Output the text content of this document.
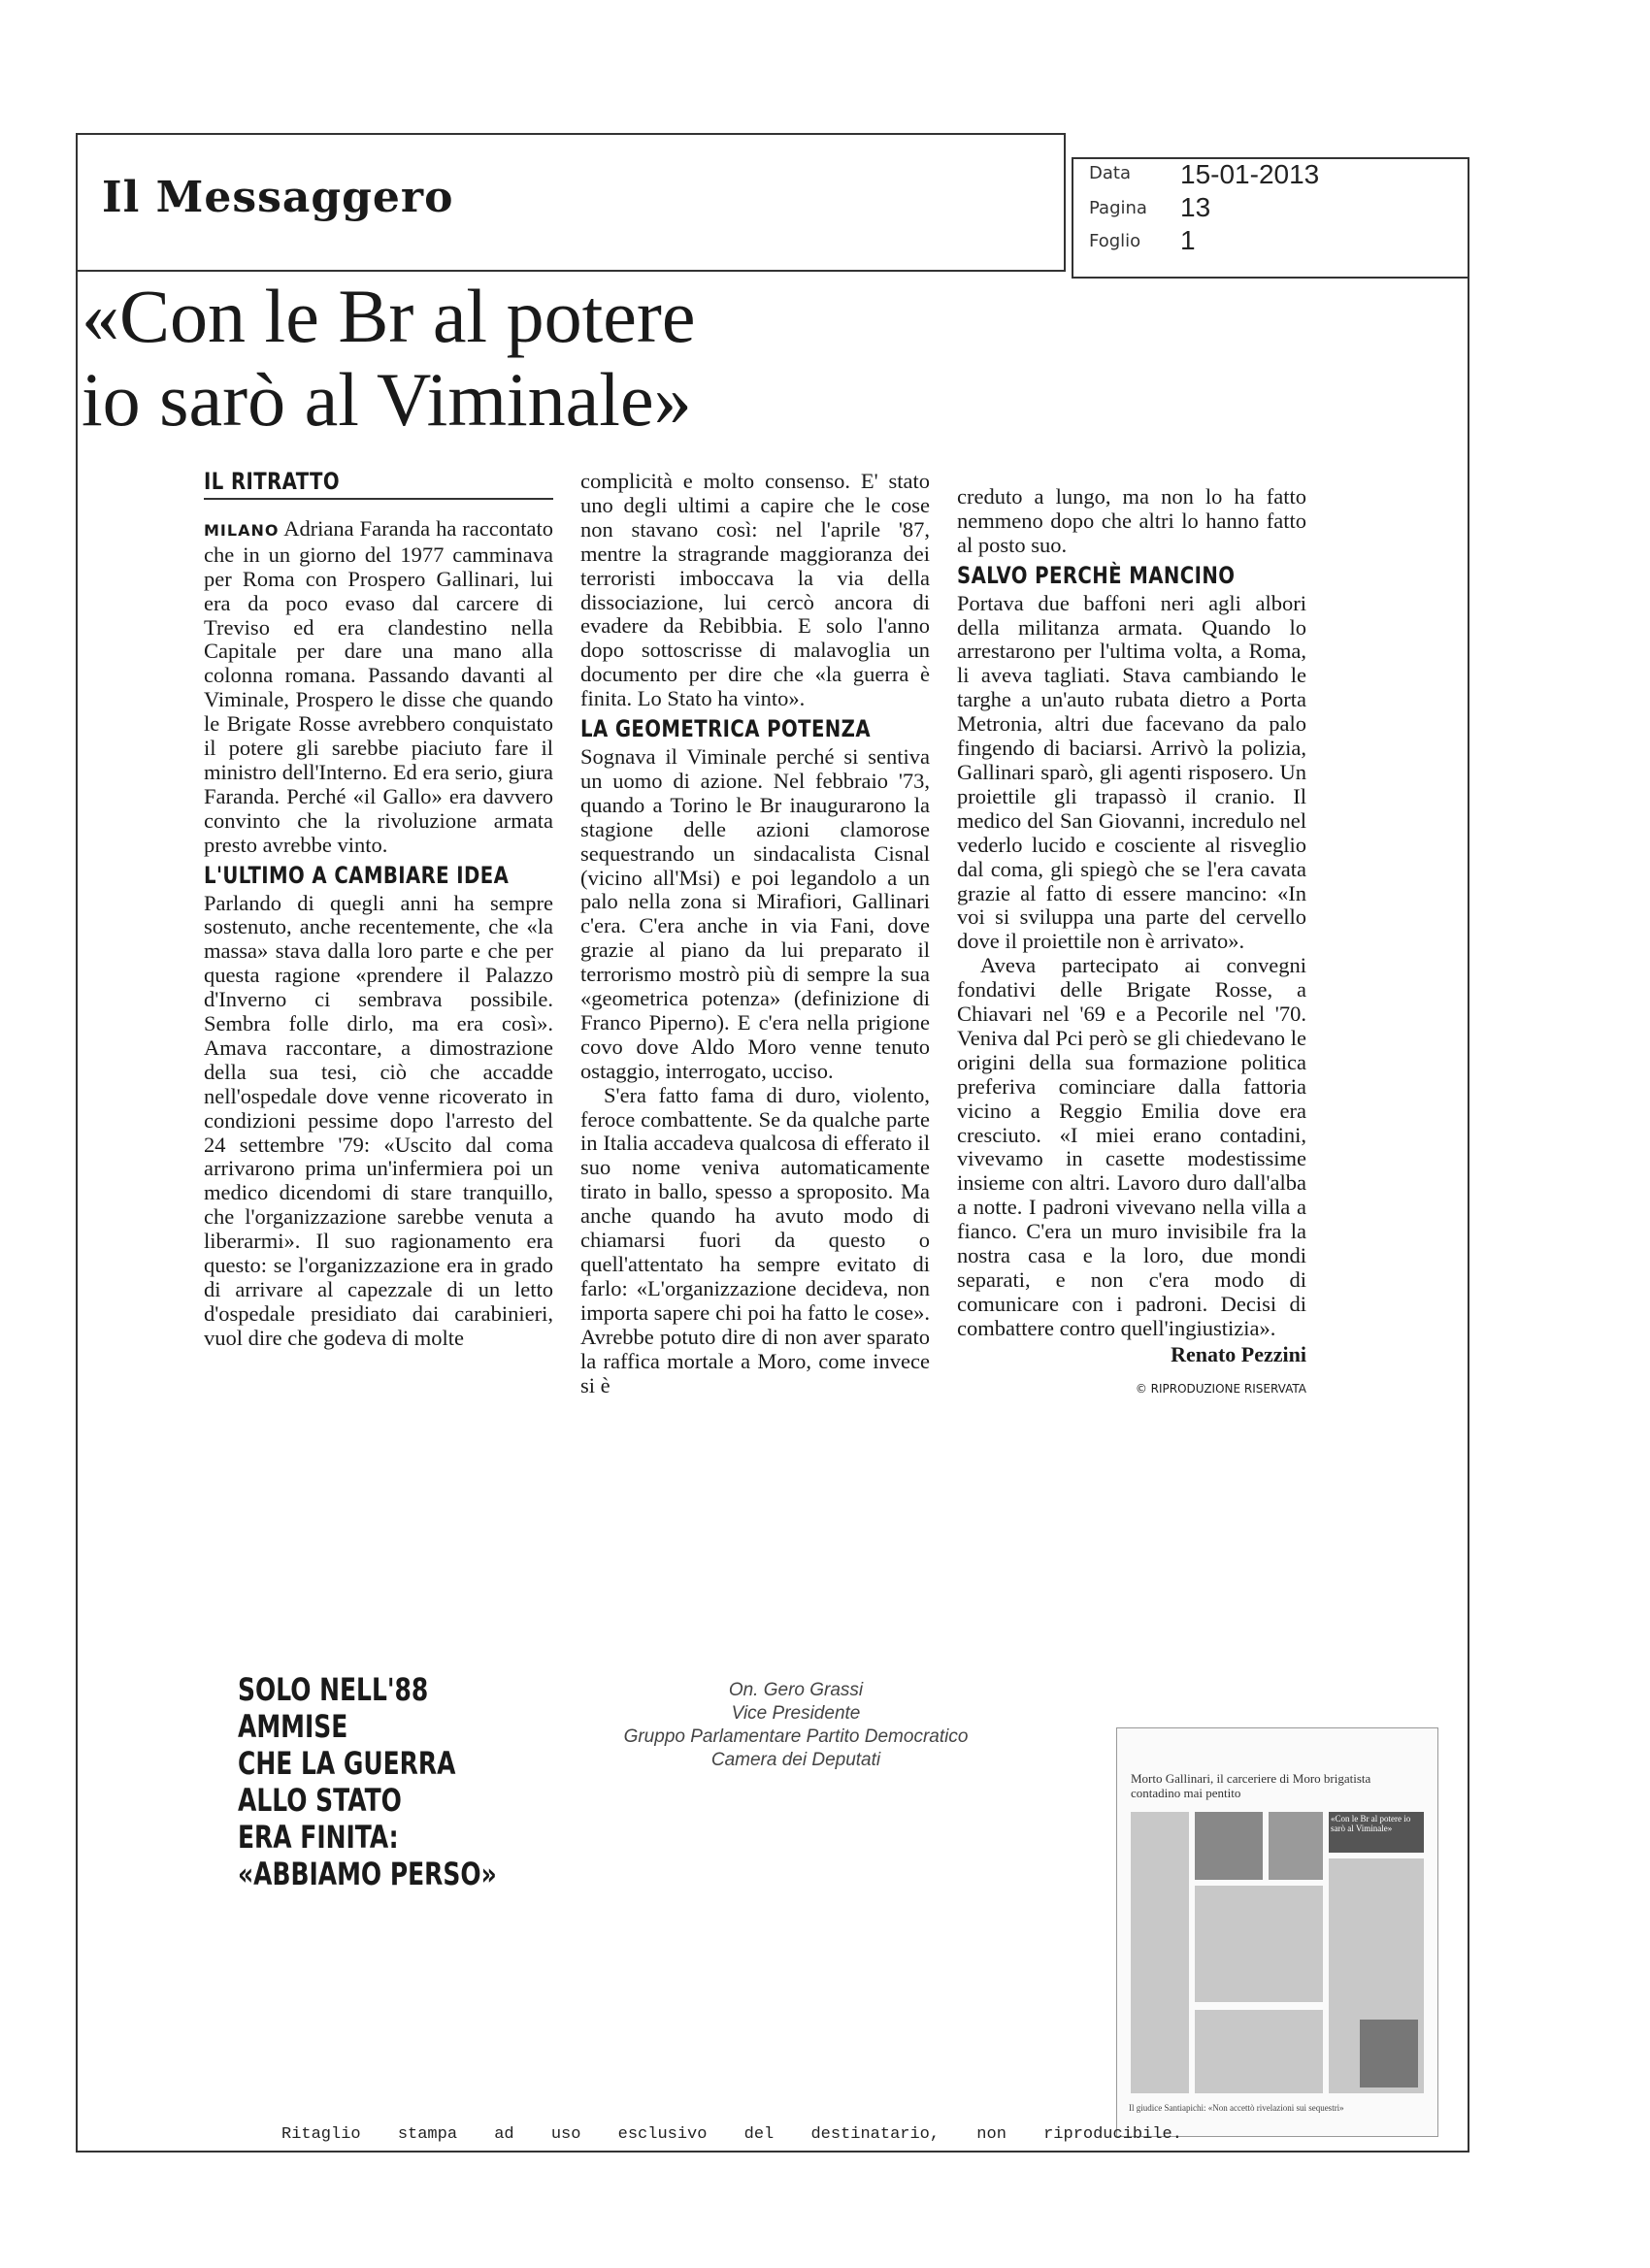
Il Messaggero	Data 15-01-2013
Pagina 13
Foglio 1
«Con le Br al potere
io sarò al Viminale»
IL RITRATTO

MILANO Adriana Faranda ha raccontato che in un giorno del 1977 camminava per Roma con Prospero Gallinari, lui era da poco evaso dal carcere di Treviso ed era clandestino nella Capitale per dare una mano alla colonna romana. Passando davanti al Viminale, Prospero le disse che quando le Brigate Rosse avrebbero conquistato il potere gli sarebbe piaciuto fare il ministro dell'Interno. Ed era serio, giura Faranda. Perché «il Gallo» era davvero convinto che la rivoluzione armata presto avrebbe vinto.

L'ULTIMO A CAMBIARE IDEA

Parlando di quegli anni ha sempre sostenuto, anche recentemente, che «la massa» stava dalla loro parte e che per questa ragione «prendere il Palazzo d'Inverno ci sembrava possibile. Sembra folle dirlo, ma era così». Amava raccontare, a dimostrazione della sua tesi, ciò che accadde nell'ospedale dove venne ricoverato in condizioni pessime dopo l'arresto del 24 settembre '79: «Uscito dal coma arrivarono prima un'infermiera poi un medico dicendomi di stare tranquillo, che l'organizzazione sarebbe venuta a liberarmi». Il suo ragionamento era questo: se l'organizzazione era in grado di arrivare al capezzale di un letto d'ospedale presidiato dai carabinieri, vuol dire che godeva di molte

complicità e molto consenso. E' stato uno degli ultimi a capire che le cose non stavano così: nel l'aprile '87, mentre la stragrande maggioranza dei terroristi imboccava la via della dissociazione, lui cercò ancora di evadere da Rebibbia. E solo l'anno dopo sottoscrisse di malavoglia un documento per dire che «la guerra è finita. Lo Stato ha vinto».

LA GEOMETRICA POTENZA

Sognava il Viminale perché si sentiva un uomo di azione. Nel febbraio '73, quando a Torino le Br inaugurarono la stagione delle azioni clamorose sequestrando un sindacalista Cisnal (vicino all'Msi) e poi legandolo a un palo nella zona si Mirafiori, Gallinari c'era. C'era anche in via Fani, dove grazie al piano da lui preparato il terrorismo mostrò più di sempre la sua «geometrica potenza» (definizione di Franco Piperno). E c'era nella prigione covo dove Aldo Moro venne tenuto ostaggio, interrogato, ucciso.

S'era fatto fama di duro, violento, feroce combattente. Se da qualche parte in Italia accadeva qualcosa di efferato il suo nome veniva automaticamente tirato in ballo, spesso a sproposito. Ma anche quando ha avuto modo di chiamarsi fuori da questo o quell'attentato ha sempre evitato di farlo: «L'organizzazione decideva, non importa sapere chi poi ha fatto le cose». Avrebbe potuto dire di non aver sparato la raffica mortale a Moro, come invece si è

creduto a lungo, ma non lo ha fatto nemmeno dopo che altri lo hanno fatto al posto suo.

SALVO PERCHÈ MANCINO

Portava due baffoni neri agli albori della militanza armata. Quando lo arrestarono per l'ultima volta, a Roma, li aveva tagliati. Stava cambiando le targhe a un'auto rubata dietro a Porta Metronia, altri due facevano da palo fingendo di baciarsi. Arrivò la polizia, Gallinari sparò, gli agenti risposero. Un proiettile gli trapassò il cranio. Il medico del San Giovanni, incredulo nel vederlo lucido e cosciente al risveglio dal coma, gli spiegò che se l'era cavata grazie al fatto di essere mancino: «In voi si sviluppa una parte del cervello dove il proiettile non è arrivato».

Aveva partecipato ai convegni fondativi delle Brigate Rosse, a Chiavari nel '69 e a Pecorile nel '70. Veniva dal Pci però se gli chiedevano le origini della sua formazione politica preferiva cominciare dalla fattoria vicino a Reggio Emilia dove era cresciuto. «I miei erano contadini, vivevamo in casette modestissime insieme con altri. Lavoro duro dall'alba a notte. I padroni vivevano nella villa a fianco. C'era un muro invisibile fra la nostra casa e la loro, due mondi separati, e non c'era modo di comunicare con i padroni. Decisi di combattere contro quell'ingiustizia».

Renato Pezzini
© RIPRODUZIONE RISERVATA
SOLO NELL'88
AMMISE
CHE LA GUERRA
ALLO STATO
ERA FINITA:
«ABBIAMO PERSO»
On. Gero Grassi
Vice Presidente
Gruppo Parlamentare Partito Democratico
Camera dei Deputati
Morto Gallinari, il carceriere di Moro brigatista contadino mai pentito
«Con le Br al potere io sarò al Viminale»
Il giudice Santiapichi: «Non accettò rivelazioni sui sequestri»
Ritaglio stampa ad uso esclusivo del destinatario, non riproducibile.
